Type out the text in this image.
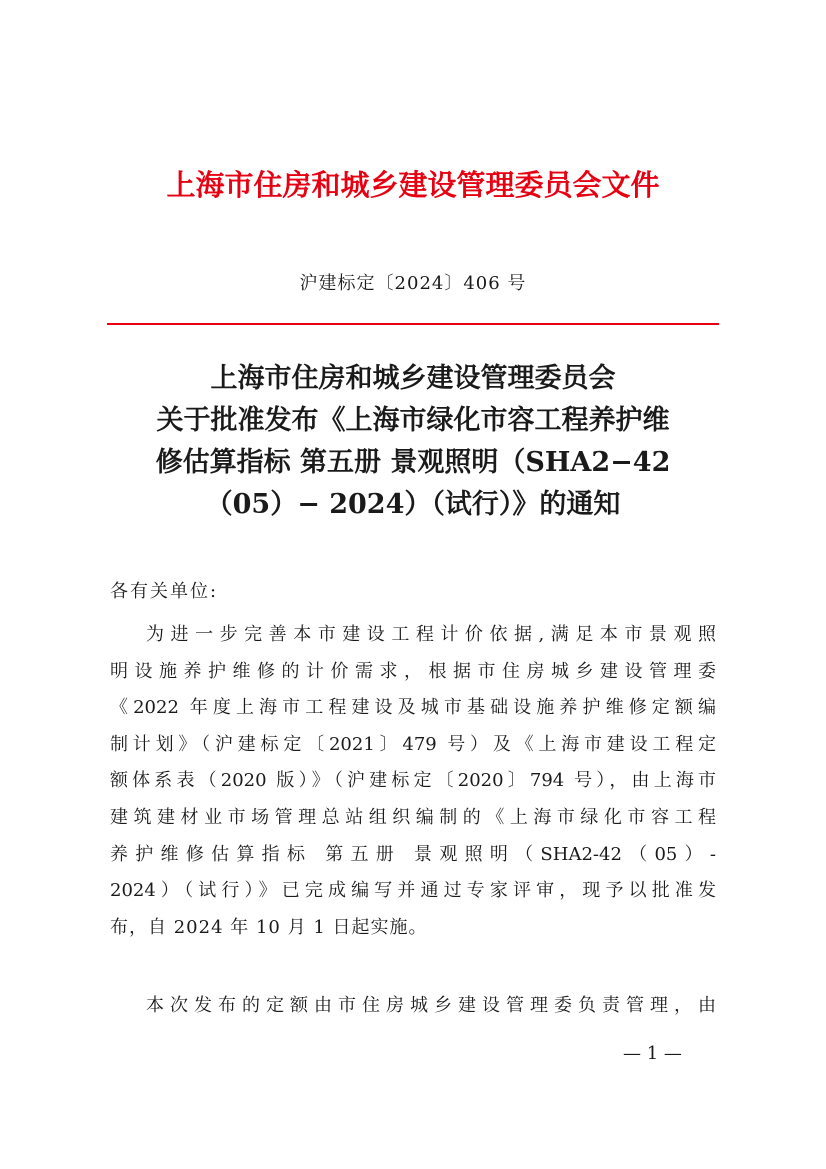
上海市住房和城乡建设管理委员会文件
沪建标定〔2024〕406 号
上海市住房和城乡建设管理委员会
关于批准发布《上海市绿化市容工程养护维
修估算指标 第五册 景观照明（SHA2−42
（05）− 2024）（试行）》的通知
各有关单位:
为进一步完善本市建设工程计价依据,满足本市景观照
明设施养护维修的计价需求，根据市住房城乡建设管理委
《2022 年度上海市工程建设及城市基础设施养护维修定额编
制计划》（沪建标定〔2021〕479 号）及《上海市建设工程定
额体系表（2020 版）》（沪建标定〔2020〕794 号），由上海市
建筑建材业市场管理总站组织编制的《上海市绿化市容工程
养护维修估算指标 第五册 景观照明（SHA2-42（05）-
2024）（试行）》已完成编写并通过专家评审，现予以批准发
布，自 2024 年 10 月 1 日起实施。
本次发布的定额由市住房城乡建设管理委负责管理，由
— 1 —
